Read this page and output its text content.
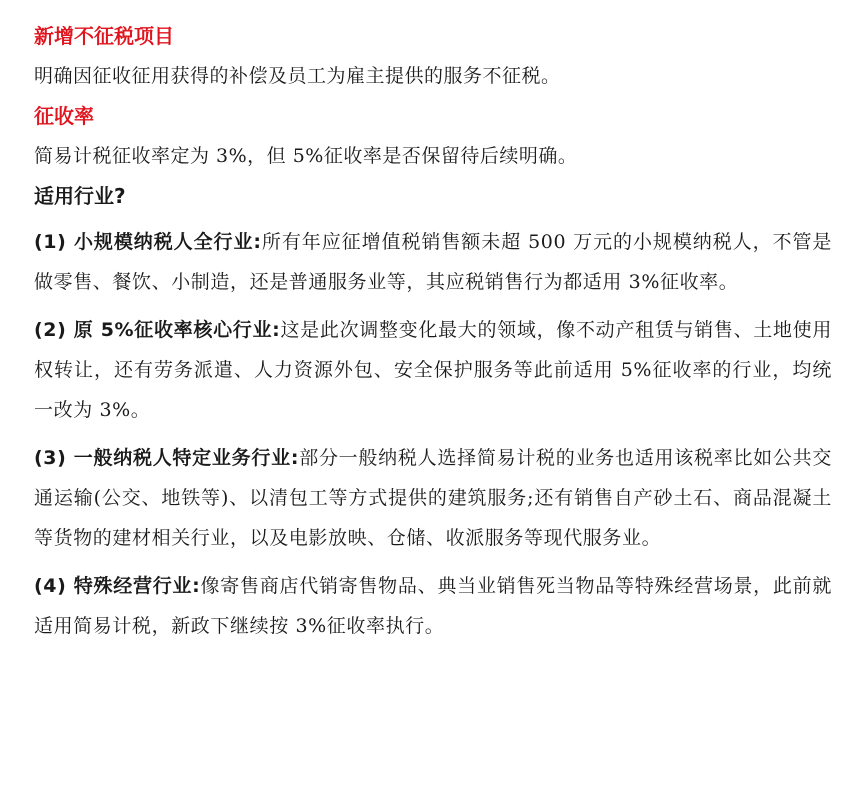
新增不征税项目

明确因征收征用获得的补偿及员工为雇主提供的服务不征税。

征收率

简易计税征收率定为 3%，但 5%征收率是否保留待后续明确。

适用行业?

(1) 小规模纳税人全行业:所有年应征增值税销售额未超 500 万元的小规模纳税人，不管是做零售、餐饮、小制造，还是普通服务业等，其应税销售行为都适用 3%征收率。

(2) 原 5%征收率核心行业:这是此次调整变化最大的领域，像不动产租赁与销售、土地使用权转让，还有劳务派遣、人力资源外包、安全保护服务等此前适用 5%征收率的行业，均统一改为 3%。

(3) 一般纳税人特定业务行业:部分一般纳税人选择简易计税的业务也适用该税率比如公共交通运输(公交、地铁等)、以清包工等方式提供的建筑服务;还有销售自产砂土石、商品混凝土等货物的建材相关行业，以及电影放映、仓储、收派服务等现代服务业。

(4) 特殊经营行业:像寄售商店代销寄售物品、典当业销售死当物品等特殊经营场景，此前就适用简易计税，新政下继续按 3%征收率执行。
